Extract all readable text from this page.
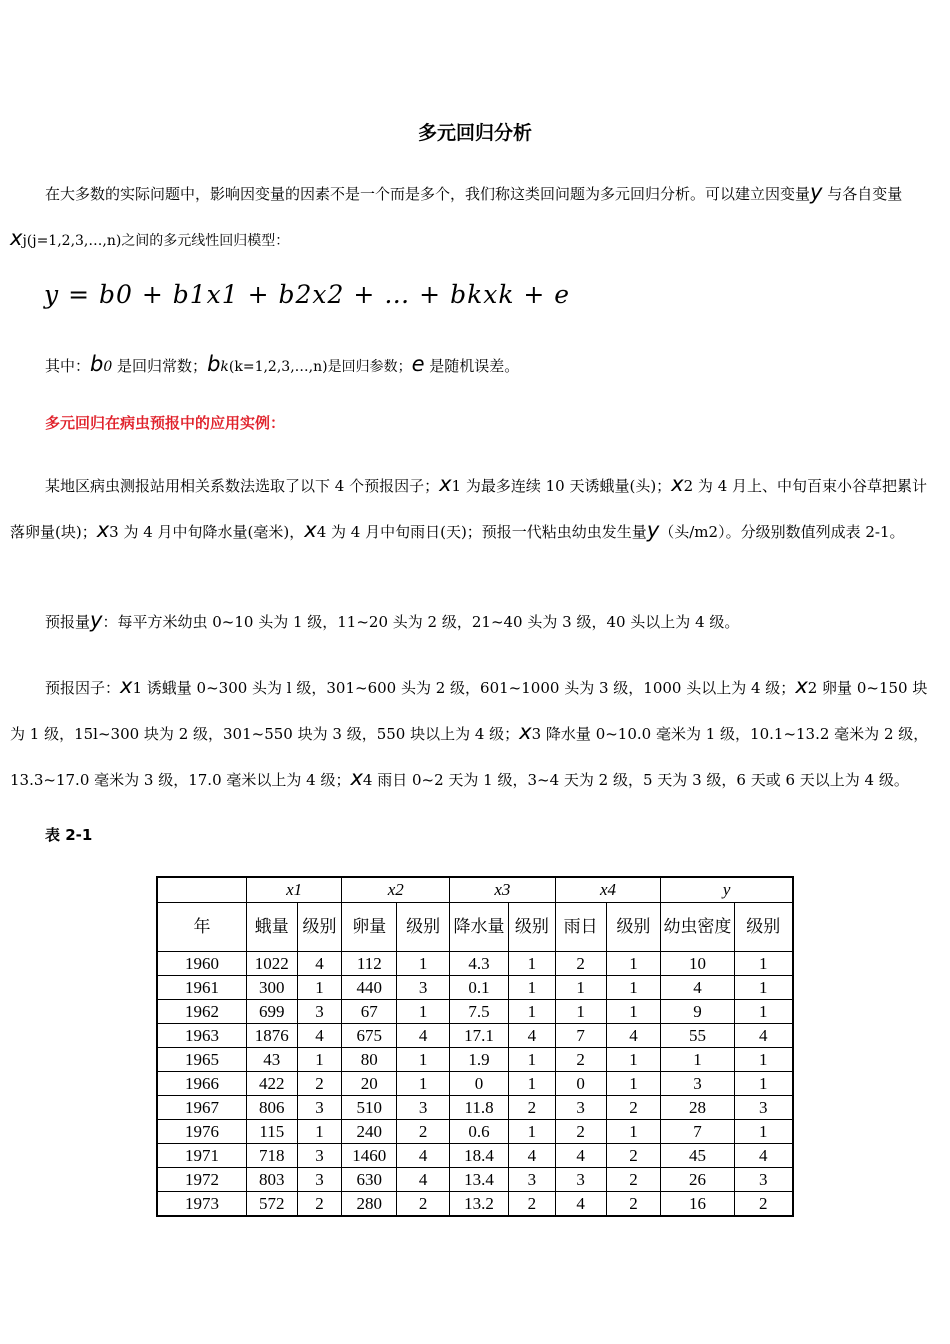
多元回归分析
在大多数的实际问题中，影响因变量的因素不是一个而是多个，我们称这类回问题为多元回归分析。可以建立因变量y 与各自变量xj(j=1,2,3,…,n)之间的多元线性回归模型：
y = b0 + b1x1 + b2x2 + … + bkxk + e
其中：b0 是回归常数；bk(k=1,2,3,…,n)是回归参数；e 是随机误差。
多元回归在病虫预报中的应用实例：
某地区病虫测报站用相关系数法选取了以下 4 个预报因子；x1 为最多连续 10 天诱蛾量(头)；x2 为 4 月上、中旬百束小谷草把累计落卵量(块)；x3 为 4 月中旬降水量(毫米)，x4 为 4 月中旬雨日(天)；预报一代粘虫幼虫发生量y（头/m2）。分级别数值列成表 2-1。
预报量y：每平方米幼虫 0~10 头为 1 级，11~20 头为 2 级，21~40 头为 3 级，40 头以上为 4 级。
预报因子：x1 诱蛾量 0~300 头为 l 级，301~600 头为 2 级，601~1000 头为 3 级，1000 头以上为 4 级；x2 卵量 0~150 块为 1 级，15l~300 块为 2 级，301~550 块为 3 级，550 块以上为 4 级；x3 降水量 0~10.0 毫米为 1 级，10.1~13.2 毫米为 2 级，13.3~17.0 毫米为 3 级，17.0 毫米以上为 4 级；x4 雨日 0~2 天为 1 级，3~4 天为 2 级，5 天为 3 级，6 天或 6 天以上为 4 级。
表 2-1
	x1		x2		x3		x4		y	
年	蛾量	级别	卵量	级别	降水量	级别	雨日	级别	幼虫密度	级别
1960	1022	4	112	1	4.3	1	2	1	10	1
1961	300	1	440	3	0.1	1	1	1	4	1
1962	699	3	67	1	7.5	1	1	1	9	1
1963	1876	4	675	4	17.1	4	7	4	55	4
1965	43	1	80	1	1.9	1	2	1	1	1
1966	422	2	20	1	0	1	0	1	3	1
1967	806	3	510	3	11.8	2	3	2	28	3
1976	115	1	240	2	0.6	1	2	1	7	1
1971	718	3	1460	4	18.4	4	4	2	45	4
1972	803	3	630	4	13.4	3	3	2	26	3
1973	572	2	280	2	13.2	2	4	2	16	2
